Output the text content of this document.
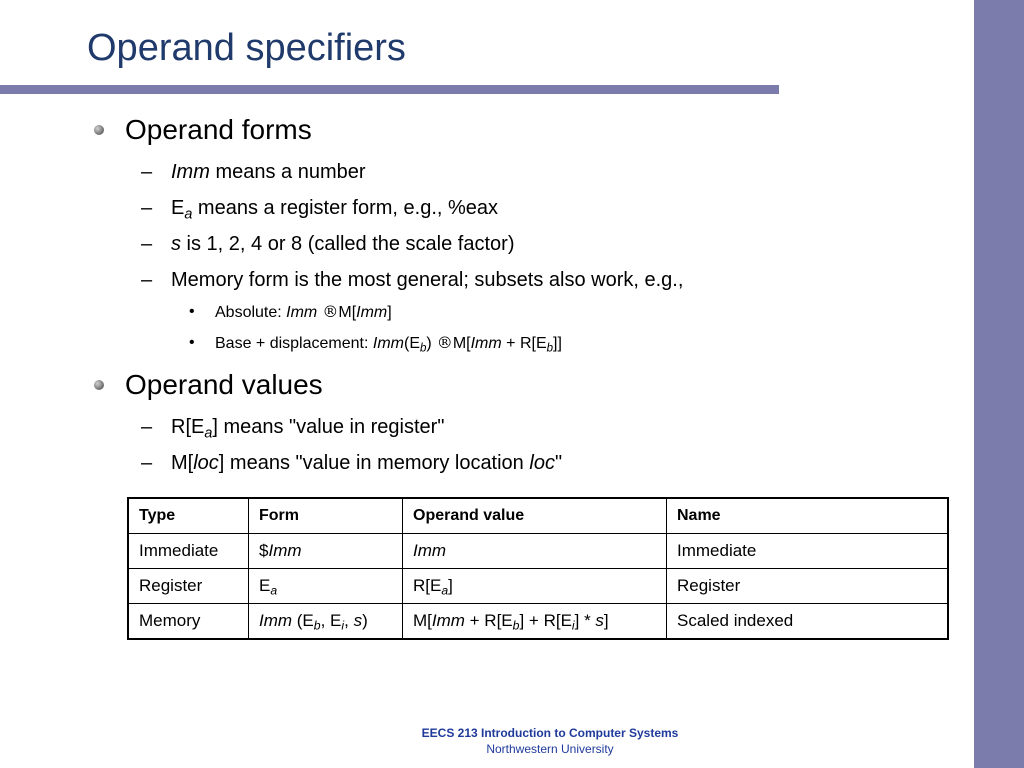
Operand specifiers
Operand forms
– Imm means a number
– $E_a$ means a register form, e.g., %eax
– s is 1, 2, 4 or 8 (called the scale factor)
– Memory form is the most general; subsets also work, e.g.,
• Absolute: Imm ®M[Imm]
• Base + displacement: $Imm(E_b)$ ®M[Imm + $R[E_b]$]
Operand values
– $R[E_a]$ means "value in register"
– M[loc] means "value in memory location loc"
Type	Form	Operand value	Name
Immediate	$Imm	Imm	Immediate
Register	$E_a$	$R[E_a]$	Register
Memory	Imm ($E_b$, $E_i$, s)	$M[Imm + R[E_b] + R[E_i] * s]$	Scaled indexed
EECS 213 Introduction to Computer Systems
Northwestern University
